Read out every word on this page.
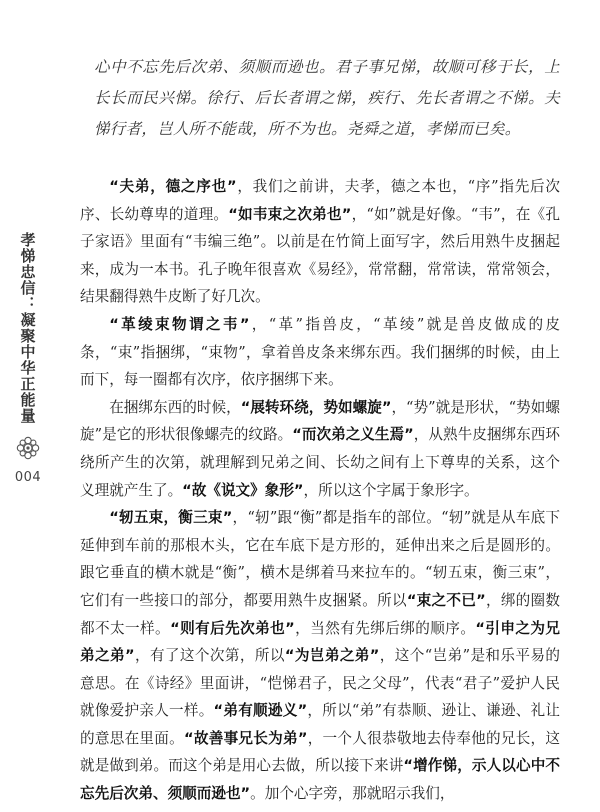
孝悌忠信：凝聚中华正能量
004

心中不忘先后次弟、须顺而逊也。君子事兄悌，故顺可移于长，上长长而民兴悌。徐行、后长者谓之悌，疾行、先长者谓之不悌。夫悌行者，岂人所不能哉，所不为也。尧舜之道，孝悌而已矣。

“夫弟，德之序也”，我们之前讲，夫孝，德之本也，“序”指先后次序、长幼尊卑的道理。“如韦束之次弟也”，“如”就是好像。“韦”，在《孔子家语》里面有“韦编三绝”。以前是在竹简上面写字，然后用熟牛皮捆起来，成为一本书。孔子晚年很喜欢《易经》，常常翻，常常读，常常领会，结果翻得熟牛皮断了好几次。

“革绫束物谓之韦”，“革”指兽皮，“革绫”就是兽皮做成的皮条，“束”指捆绑，“束物”，拿着兽皮条来绑东西。我们捆绑的时候，由上而下，每一圈都有次序，依序捆绑下来。

在捆绑东西的时候，“展转环绕，势如螺旋”，“势”就是形状，“势如螺旋”是它的形状很像螺壳的纹路。“而次弟之义生焉”，从熟牛皮捆绑东西环绕所产生的次第，就理解到兄弟之间、长幼之间有上下尊卑的关系，这个义理就产生了。“故《说文》象形”，所以这个字属于象形字。

“轫五束，衡三束”，“轫”跟“衡”都是指车的部位。“轫”就是从车底下延伸到车前的那根木头，它在车底下是方形的，延伸出来之后是圆形的。跟它垂直的横木就是“衡”，横木是绑着马来拉车的。“轫五束，衡三束”，它们有一些接口的部分，都要用熟牛皮捆紧。所以“束之不已”，绑的圈数都不太一样。“则有后先次弟也”，当然有先绑后绑的顺序。“引申之为兄弟之弟”，有了这个次第，所以“为岂弟之弟”，这个“岂弟”是和乐平易的意思。在《诗经》里面讲，“恺悌君子，民之父母”，代表“君子”爱护人民就像爱护亲人一样。“弟有顺逊义”，所以“弟”有恭顺、逊让、谦逊、礼让的意思在里面。“故善事兄长为弟”，一个人很恭敬地去侍奉他的兄长，这就是做到弟。而这个弟是用心去做，所以接下来讲“增作悌，示人以心中不忘先后次弟、须顺而逊也”。加个心字旁，那就昭示我们，
